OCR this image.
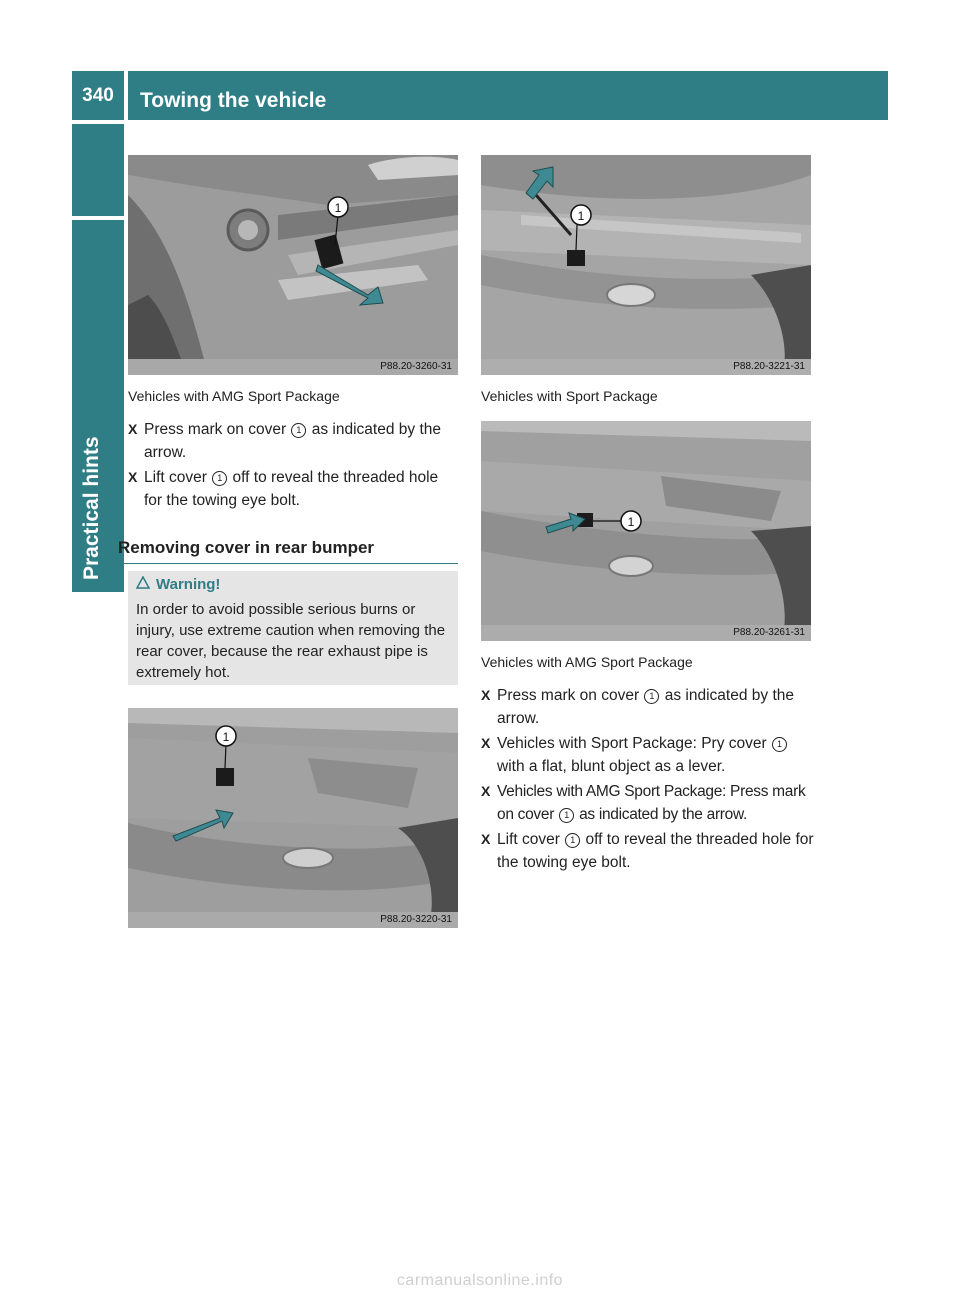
340	Towing the vehicle
Practical hints
1
P88.20-3260-31
Vehicles with AMG Sport Package
X Press mark on cover 1 as indicated by the arrow.
X Lift cover 1 off to reveal the threaded hole for the towing eye bolt.
Removing cover in rear bumper
Warning!
In order to avoid possible serious burns or injury, use extreme caution when removing the rear cover, because the rear exhaust pipe is extremely hot.
1
P88.20-3220-31
1
P88.20-3221-31
Vehicles with Sport Package
1
P88.20-3261-31
Vehicles with AMG Sport Package
X Press mark on cover 1 as indicated by the arrow.
X Vehicles with Sport Package: Pry cover 1 with a flat, blunt object as a lever.
X Vehicles with AMG Sport Package: Press mark on cover 1 as indicated by the arrow.
X Lift cover 1 off to reveal the threaded hole for the towing eye bolt.
carmanualsonline.info
